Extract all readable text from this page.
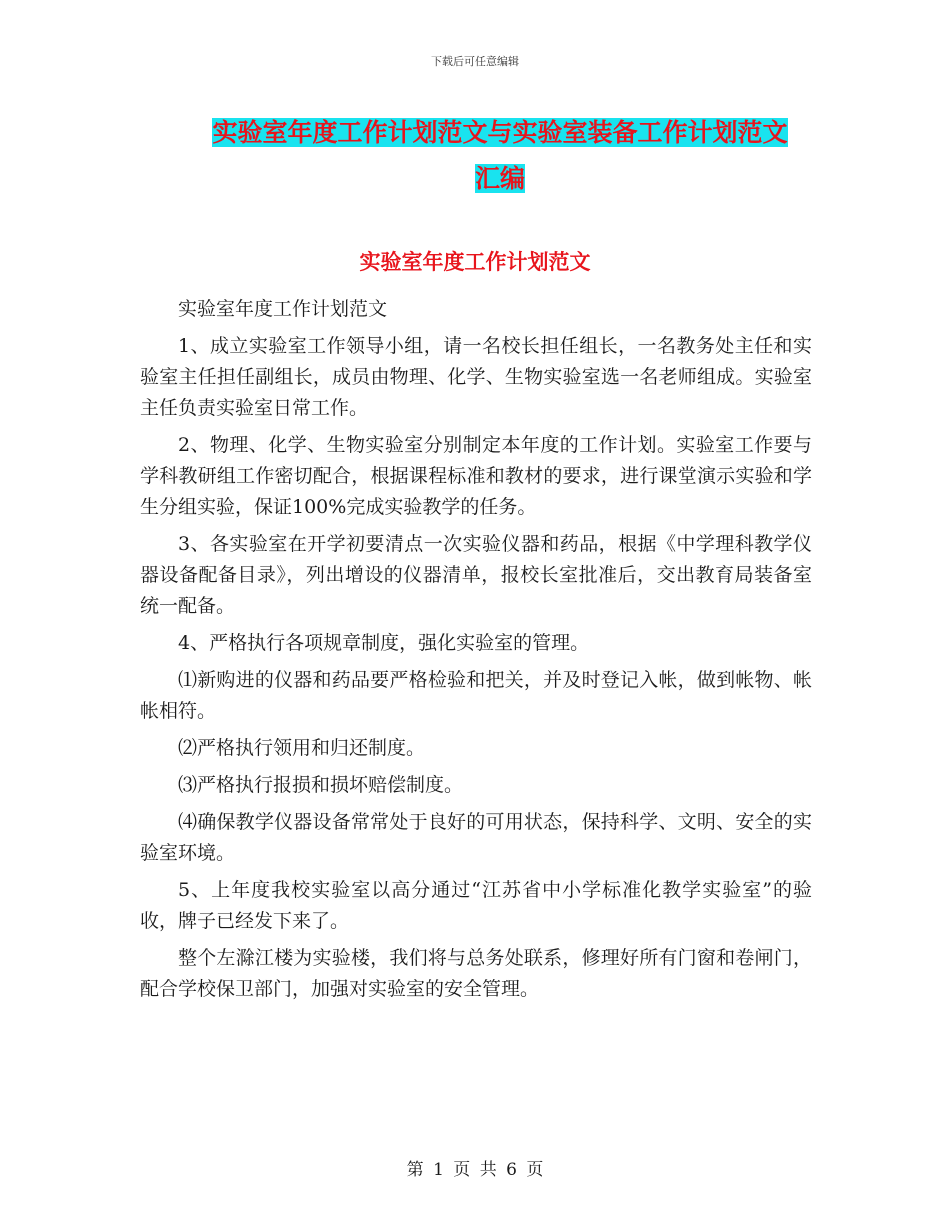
下载后可任意编辑
实验室年度工作计划范文与实验室装备工作计划范文
汇编
实验室年度工作计划范文

实验室年度工作计划范文

1、成立实验室工作领导小组，请一名校长担任组长，一名教务处主任和实验室主任担任副组长，成员由物理、化学、生物实验室选一名老师组成。实验室主任负责实验室日常工作。

2、物理、化学、生物实验室分别制定本年度的工作计划。实验室工作要与学科教研组工作密切配合，根据课程标准和教材的要求，进行课堂演示实验和学生分组实验，保证100%完成实验教学的任务。

3、各实验室在开学初要清点一次实验仪器和药品，根据《中学理科教学仪器设备配备目录》，列出增设的仪器清单，报校长室批准后，交出教育局装备室统一配备。

4、严格执行各项规章制度，强化实验室的管理。

⑴新购进的仪器和药品要严格检验和把关，并及时登记入帐，做到帐物、帐帐相符。

⑵严格执行领用和归还制度。

⑶严格执行报损和损坏赔偿制度。

⑷确保教学仪器设备常常处于良好的可用状态，保持科学、文明、安全的实验室环境。

5、上年度我校实验室以高分通过“江苏省中小学标准化教学实验室”的验收，牌子已经发下来了。

整个左滁江楼为实验楼，我们将与总务处联系，修理好所有门窗和卷闸门，配合学校保卫部门，加强对实验室的安全管理。

第 1 页 共 6 页
